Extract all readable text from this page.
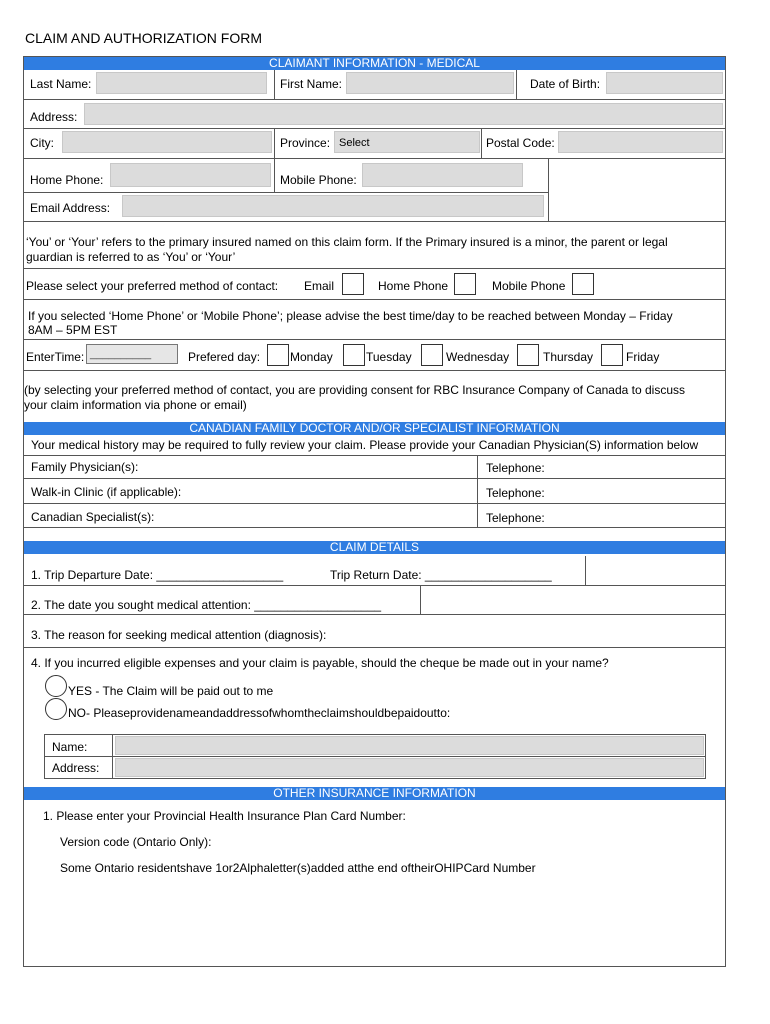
CLAIM AND AUTHORIZATION FORM
CLAIMANT INFORMATION - MEDICAL
Last Name:	First Name:	Date of Birth:
Address:
City:	Province: Select	Postal Code:
Home Phone:	Mobile Phone:
Email Address:
‘You’ or ‘Your’ refers to the primary insured named on this claim form. If the Primary insured is a minor, the parent or legal
guardian is referred to as ‘You’ or ‘Your’
Please select your preferred method of contact: Email	Home Phone	Mobile Phone
If you selected ‘Home Phone’ or ‘Mobile Phone’; please advise the best time/day to be reached between Monday – Friday
8AM – 5PM EST
EnterTime: __________	Prefered day: Monday	Tuesday	Wednesday	Thursday	Friday
(by selecting your preferred method of contact, you are providing consent for RBC Insurance Company of Canada to discuss
your claim information via phone or email)
CANADIAN FAMILY DOCTOR AND/OR SPECIALIST INFORMATION
Your medical history may be required to fully review your claim. Please provide your Canadian Physician(S) information below
Family Physician(s):	Telephone:
Walk-in Clinic (if applicable):	Telephone:
Canadian Specialist(s):	Telephone:
CLAIM DETAILS
1. Trip Departure Date: ___________________	Trip Return Date: ___________________
2. The date you sought medical attention: ___________________
3. The reason for seeking medical attention (diagnosis):
4. If you incurred eligible expenses and your claim is payable, should the cheque be made out in your name?
YES - The Claim will be paid out to me
NO- Pleaseprovidenameandaddressofwhomtheclaimshouldbepaidoutto:
Name:
Address:
OTHER INSURANCE INFORMATION
1. Please enter your Provincial Health Insurance Plan Card Number:
Version code (Ontario Only):
Some Ontario residentshave 1or2Alphaletter(s)added atthe end oftheirOHIPCard Number
